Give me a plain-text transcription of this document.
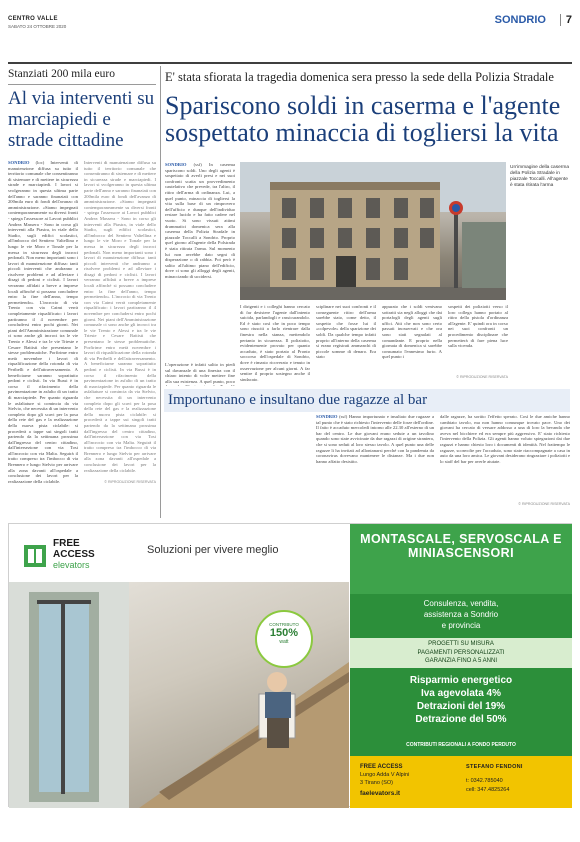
CENTRO VALLE
SABATO 24 OTTOBRE 2020
SONDRIO	7
Stanziati 200 mila euro
Al via interventi su marciapiedi e strade cittadine
SONDRIO (loc) Interventi di manutenzione diffusa su tutto il territorio comunale che consentiranno di sistemare e di mettere in sicurezza strade e marciapiedi. I lavori si svolgeranno in questa ultima parte dell'anno e saranno finanziati con 200mila euro di fondi dell'avanzo di amministrazione. «Siamo impegnati contemporaneamente su diversi fronti - spiega l'assessore ai Lavori pubblici Andrea Massera - Sono in corso gli interventi alla Piastra, in viale dello Stadio, sugli edifici scolastici, all'imbocco del Sentiero Valtellina e lungo le vie Moro e Tonale per la messa in sicurezza degli incroci pedonali. Non meno importanti sono i lavori di manutenzione diffusa: tanti piccoli interventi che andranno a risolvere problemi e ad alleviare i disagi di pedoni e ciclisti. I lavori verranno affidati a breve a imprese locali affinché si possano concludere entro la fine dell'anno, tempo permettendo». L'incrocio di via Trento con via Caimi verrà completamente riqualificato: i lavori partiranno il 4 novembre per concludersi entro pochi giorni. Nei piani dell'Amministrazione comunale ci sono anche gli incroci tra le vie Trento e Alessi e tra le vie Trieste e Cesare Battisti che presentano le stesse problematiche. Porfirime entro metà novembre i lavori di riqualificazione della rotonda di via Peribelli e dell'attraversamento. A beneficiarne saranno soprattutto pedoni e ciclisti. In via Bussi è in corso il rifacimento della pavimentazione in asfalto di un tratto di marciapiede. Per quanto riguarda le asfaltature si comincia da via Stelvio, che necessita di un intervento completo dopo gli scavi per la posa della rete del gas e la realizzazione della nuova pista ciclabile: si procederà a tappe sui singoli tratti partendo da la settimana prossima dall'ingresso del centro cittadino, dall'intersezione con via Tosi all'incrocio con via Malta. Seguirà il tratto compreso tra l'imbocco di via Brennero e lungo Stelvio per arrivare alla zona davanti all'ospedale a conclusione dei lavori per la realizzazione della ciclabile.
Interventi di manutenzione diffusa su tutto il territorio comunale che consentiranno di sistemare e di mettere in sicurezza strade e marciapiedi. I lavori si svolgeranno in questa ultima parte dell'anno e saranno finanziati con 200mila euro di fondi dell'avanzo di amministrazione. «Siamo impegnati contemporaneamente su diversi fronti - spiega l'assessore ai Lavori pubblici Andrea Massera - Sono in corso gli interventi alla Piastra, in viale dello Stadio, sugli edifici scolastici, all'imbocco del Sentiero Valtellina e lungo le vie Moro e Tonale per la messa in sicurezza degli incroci pedonali. Non meno importanti sono i lavori di manutenzione diffusa: tanti piccoli interventi che andranno a risolvere problemi e ad alleviare i disagi di pedoni e ciclisti. I lavori verranno affidati a breve a imprese locali affinché si possano concludere entro la fine dell'anno, tempo permettendo». L'incrocio di via Trento con via Caimi verrà completamente riqualificato: i lavori partiranno il 4 novembre per concludersi entro pochi giorni. Nei piani dell'Amministrazione comunale ci sono anche gli incroci tra le vie Trento e Alessi e tra le vie Trieste e Cesare Battisti che presentano le stesse problematiche. Porfirime entro metà novembre i lavori di riqualificazione della rotonda di via Peribelli e dell'attraversamento. A beneficiarne saranno soprattutto pedoni e ciclisti. In via Bussi è in corso il rifacimento della pavimentazione in asfalto di un tratto di marciapiede. Per quanto riguarda le asfaltature si comincia da via Stelvio, che necessita di un intervento completo dopo gli scavi per la posa della rete del gas e la realizzazione della nuova pista ciclabile: si procederà a tappe sui singoli tratti partendo da la settimana prossima dall'ingresso del centro cittadino, dall'intersezione con via Tosi all'incrocio con via Malta. Seguirà il tratto compreso tra l'imbocco di via Brennero e lungo Stelvio per arrivare alla zona davanti all'ospedale a conclusione dei lavori per la realizzazione della ciclabile.
© RIPRODUZIONE RISERVATA
E' stata sfiorata la tragedia domenica sera presso la sede della Polizia Stradale
Spariscono soldi in caserma e l'agente sospettato minaccia di togliersi la vita
SONDRIO (ssf) In caserma spariscono soldi. Uno degli agenti è sospettato di averli presi e nei suoi confronti scatta un provvedimento cautelativo che prevede, tra l'altro, il ritiro dell'arma di ordinanza. Lui, a quel punto, minaccia di togliersi la vita sulla base di un rimprovero dell'ufficio e dunque dell'individuo restare lucido e ha fatto cadere nel vuoto. Si sono vissuti attimi drammatici domenica sera alla caserma della Polizia Stradale in piazzale Toccalli a Sondrio. Proprio quel giorno all'agente della Polstrada è stata ritirata l'arma. Sul momento lui non avrebbe dato segni di disperazione o di rabbia. Poi però è salito all'ultimo piano dell'edificio, dove ci sono gli alloggi degli agenti, minacciando di uccidersi.
L'operazione è infatti salito in piedi sul davanzale di una finestra con il chiaro intento di voler mettere fine alla sua esistenza. A quel punto, poco
Un'immagine della caserma della Polizia Stradale in piazzale Toccalli. All'agente è stata ritirata l'arma
I dirigenti e i colleghi hanno cercato di far desistere l'agente dall'intento suicida, parlandogli e rassicurandolo. Ed è stato così che in poco tempo sono riusciti a farlo rientrare dalla finestra nella stanza, mettendolo pertanto in sicurezza. Il poliziotto, evidentemente provato per quanto accaduto, è stato portato al Pronto soccorso dell'ospedale di Sondrio, dove è rimasto ricoverato e tenuto in osservazione per alcuni giorni. A far sentire il proprio sostegno anche il sindacato.
sciplinare nei suoi confronti e il conseguente ritiro dell'arma sarebbe stato, come detto, il sospetto che fosse lui il «colpevole» della sparizione dei soldi. Da qualche tempo infatti proprio all'interno della caserma si erano registrati ammanchi di piccole somme di denaro. Era stato
appurato che i soldi venivano sottratti sia negli alloggi che dai portafogli degli agenti sugli uffici. Atti che non sono certo passati inosservati e che ora sono stati segnalati al comandante. E proprio nella giornata di domenica si sarebbe consumato l'ennesimo furto. A quel punto i
sospetti dei poliziotti verso il loro collega hanno portato al ritiro della pistola d'ordinanza all'agente. E' quindi ora in corso nei suoi confronti un procedimento disciplinare che permetterà di fare piena luce sulla vicenda.
© RIPRODUZIONE RISERVATA
Importunano e insultano due ragazze al bar
SONDRIO (ssf) Hanno importunato e insultato due ragazze a tal punto che è stato richiesto l'intervento delle forze dell'ordine. Il fatto è accaduto mercoledì intorno alle 22.30 all'esterno di un bar del centro. Le due giovani erano sedute a un tavolino quando sono state avvicinate da due ragazzi di origine straniera, che si sono seduti al loro stesso tavolo. A quel punto una delle ragazze li ha invitati ad allontanarsi perché con la pandemia da coronavirus dovevano mantenere le distanze. Ma i due non hanno affatto desistito.
dalle ragazze, ha sortito l'effetto sperato. Così le due amiche hanno cambiato tavolo, ma non hanno comunque trovato pace. Uno dei giovani ha cercato di versare addosso a una di loro la bevanda che aveva nel bicchiere ed era sempre più aggressivo. E' stato richiesto l'intervento della Polizia. Gli agenti hanno voluto spiegazioni dai due ragazzi e hanno chiesto loro i documenti di identità. Nel frattempo le ragazze, sconvolte per l'accaduto, sono state riaccompagnate a casa in auto da una loro amica. Le giovani desiderano ringraziare i poliziotti e lo staff del bar per averle aiutate.
© RIPRODUZIONE RISERVATA
FREE
ACCESS
elevators
Soluzioni per vivere meglio
CONTRIBUTO
150%
watt
MONTASCALE, SERVOSCALA E MINIASCENSORI
Consulenza, vendita,
assistenza a Sondrio
e provincia
PROGETTI SU MISURA
PAGAMENTI PERSONALIZZATI
GARANZIA FINO A 5 ANNI
Risparmio energetico
Iva agevolata 4%
Detrazioni del 19%
Detrazione del 50%
CONTRIBUTI REGIONALI A FONDO PERDUTO
FREE ACCESS
Lungo Adda V Alpini
3 Tirano (SO)
faelevators.it
STEFANO FENDONI
t: 0342.785040
cell: 347.4825264
